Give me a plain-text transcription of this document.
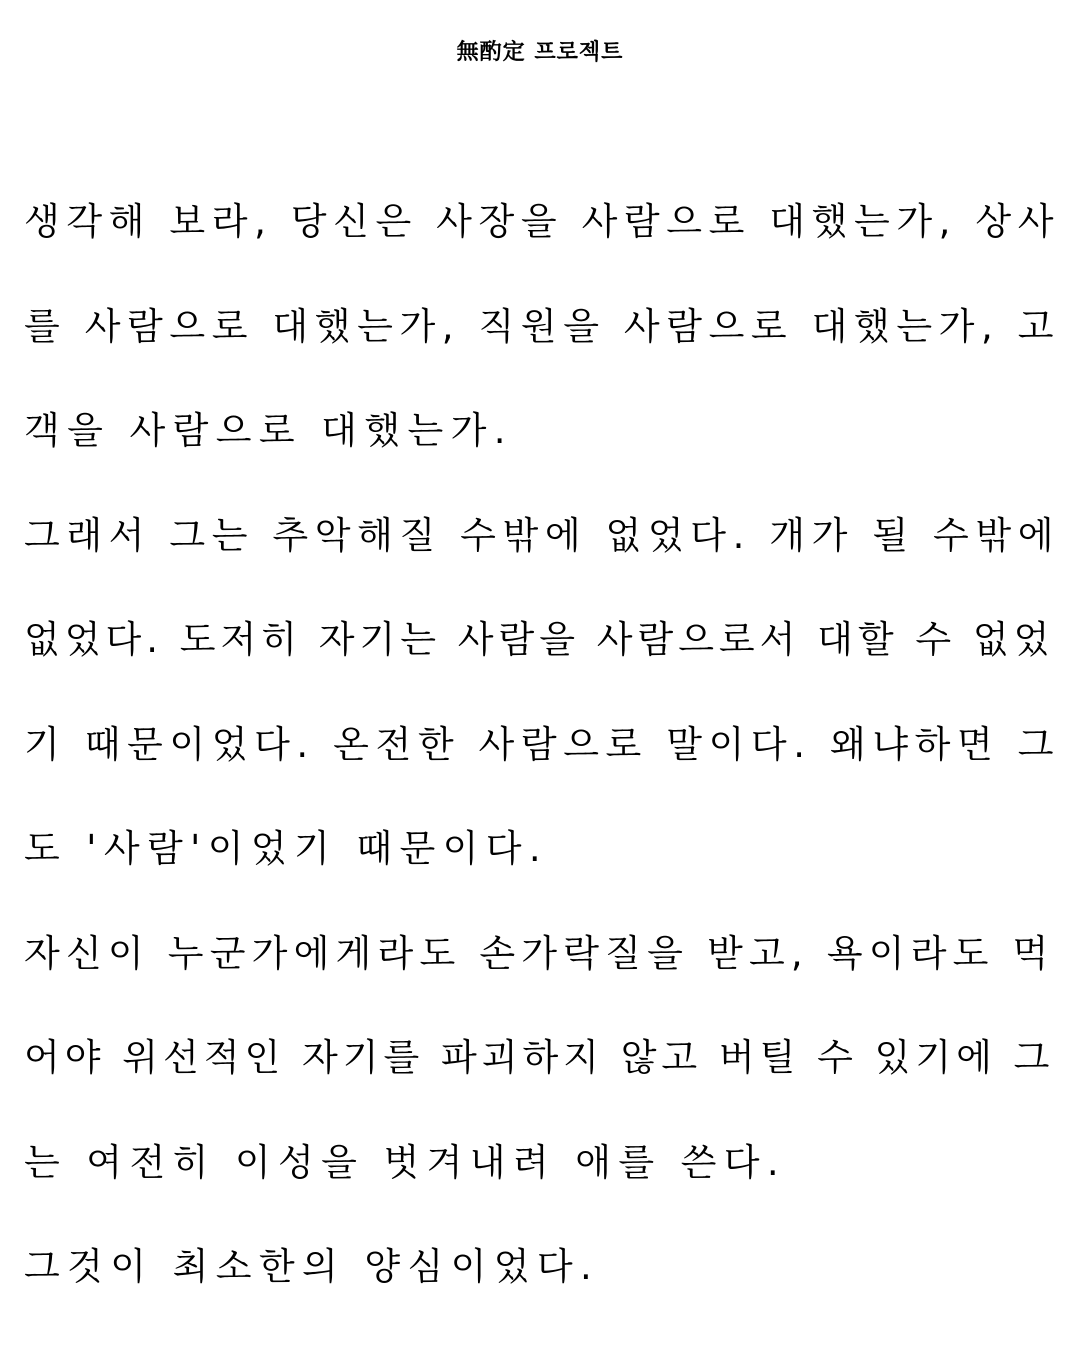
無酌定 프로젝트
생각해 보라, 당신은 사장을 사람으로 대했는가, 상사
를 사람으로 대했는가, 직원을 사람으로 대했는가, 고
객을 사람으로 대했는가.
그래서 그는 추악해질 수밖에 없었다. 개가 될 수밖에
없었다. 도저히 자기는 사람을 사람으로서 대할 수 없었
기 때문이었다. 온전한 사람으로 말이다. 왜냐하면 그
도 '사람'이었기 때문이다.
자신이 누군가에게라도 손가락질을 받고, 욕이라도 먹
어야 위선적인 자기를 파괴하지 않고 버틸 수 있기에 그
는 여전히 이성을 벗겨내려 애를 쓴다.
그것이 최소한의 양심이었다.
